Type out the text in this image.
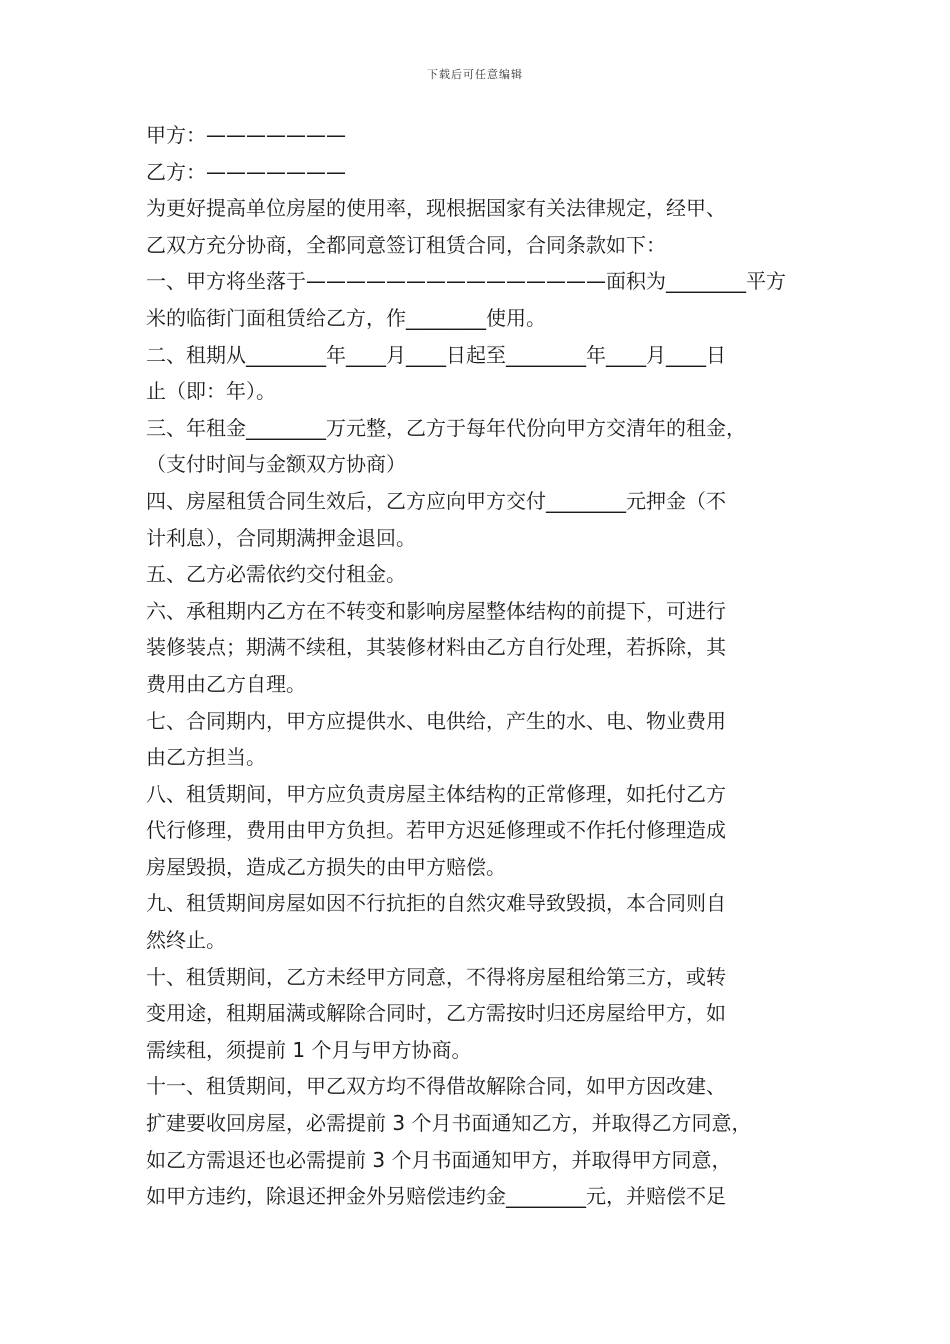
下载后可任意编辑
甲方：———————
乙方：———————
为更好提高单位房屋的使用率，现根据国家有关法律规定，经甲、
乙双方充分协商，全都同意签订租赁合同，合同条款如下：
一、甲方将坐落于———————————————面积为________平方
米的临街门面租赁给乙方，作________使用。
二、租期从________年____月____日起至________年____月____日
止（即：年）。
三、年租金________万元整，乙方于每年代份向甲方交清年的租金，
（支付时间与金额双方协商）
四、房屋租赁合同生效后，乙方应向甲方交付________元押金（不
计利息），合同期满押金退回。
五、乙方必需依约交付租金。
六、承租期内乙方在不转变和影响房屋整体结构的前提下，可进行
装修装点；期满不续租，其装修材料由乙方自行处理，若拆除，其
费用由乙方自理。
七、合同期内，甲方应提供水、电供给，产生的水、电、物业费用
由乙方担当。
八、租赁期间，甲方应负责房屋主体结构的正常修理，如托付乙方
代行修理，费用由甲方负担。若甲方迟延修理或不作托付修理造成
房屋毁损，造成乙方损失的由甲方赔偿。
九、租赁期间房屋如因不行抗拒的自然灾难导致毁损，本合同则自
然终止。
十、租赁期间，乙方未经甲方同意，不得将房屋租给第三方，或转
变用途，租期届满或解除合同时，乙方需按时归还房屋给甲方，如
需续租，须提前 1 个月与甲方协商。
十一、租赁期间，甲乙双方均不得借故解除合同，如甲方因改建、
扩建要收回房屋，必需提前 3 个月书面通知乙方，并取得乙方同意，
如乙方需退还也必需提前 3 个月书面通知甲方，并取得甲方同意，
如甲方违约，除退还押金外另赔偿违约金________元，并赔偿不足
